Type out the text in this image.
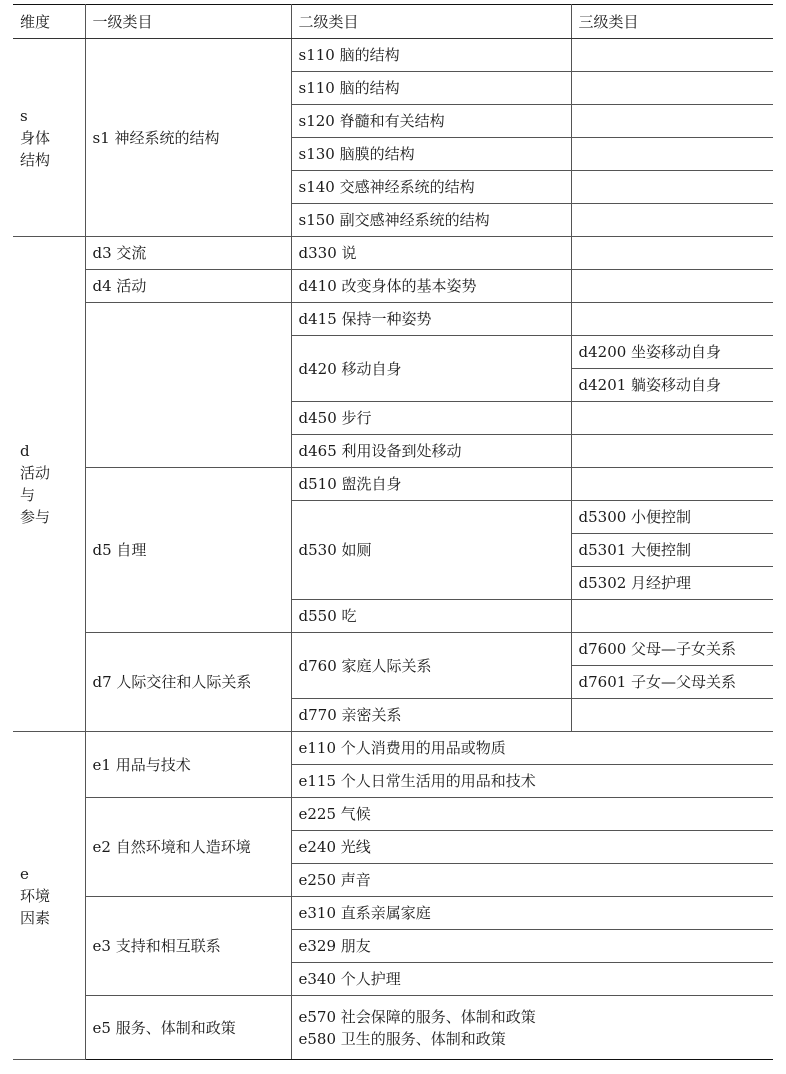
维度	一级类目	二级类目	三级类目

s
身体
结构	s1 神经系统的结构	s110 脑的结构	
		s110 脑的结构	
		s120 脊髓和有关结构	
		s130 脑膜的结构	
		s140 交感神经系统的结构	
		s150 副交感神经系统的结构	

d
活动
与
参与	d3 交流	d330 说	
	d4 活动	d410 改变身体的基本姿势	
		d415 保持一种姿势	
		d420 移动自身	d4200 坐姿移动自身
			d4201 躺姿移动自身
		d450 步行	
		d465 利用设备到处移动	
	d5 自理	d510 盥洗自身	
		d530 如厕	d5300 小便控制
			d5301 大便控制
			d5302 月经护理
		d550 吃	
	d7 人际交往和人际关系	d760 家庭人际关系	d7600 父母—子女关系
			d7601 子女—父母关系
		d770 亲密关系	

e
环境
因素	e1 用品与技术	e110 个人消费用的用品或物质	
		e115 个人日常生活用的用品和技术	
	e2 自然环境和人造环境	e225 气候	
		e240 光线	
		e250 声音	
	e3 支持和相互联系	e310 直系亲属家庭	
		e329 朋友	
		e340 个人护理	
	e5 服务、体制和政策	e570 社会保障的服务、体制和政策
e580 卫生的服务、体制和政策	
